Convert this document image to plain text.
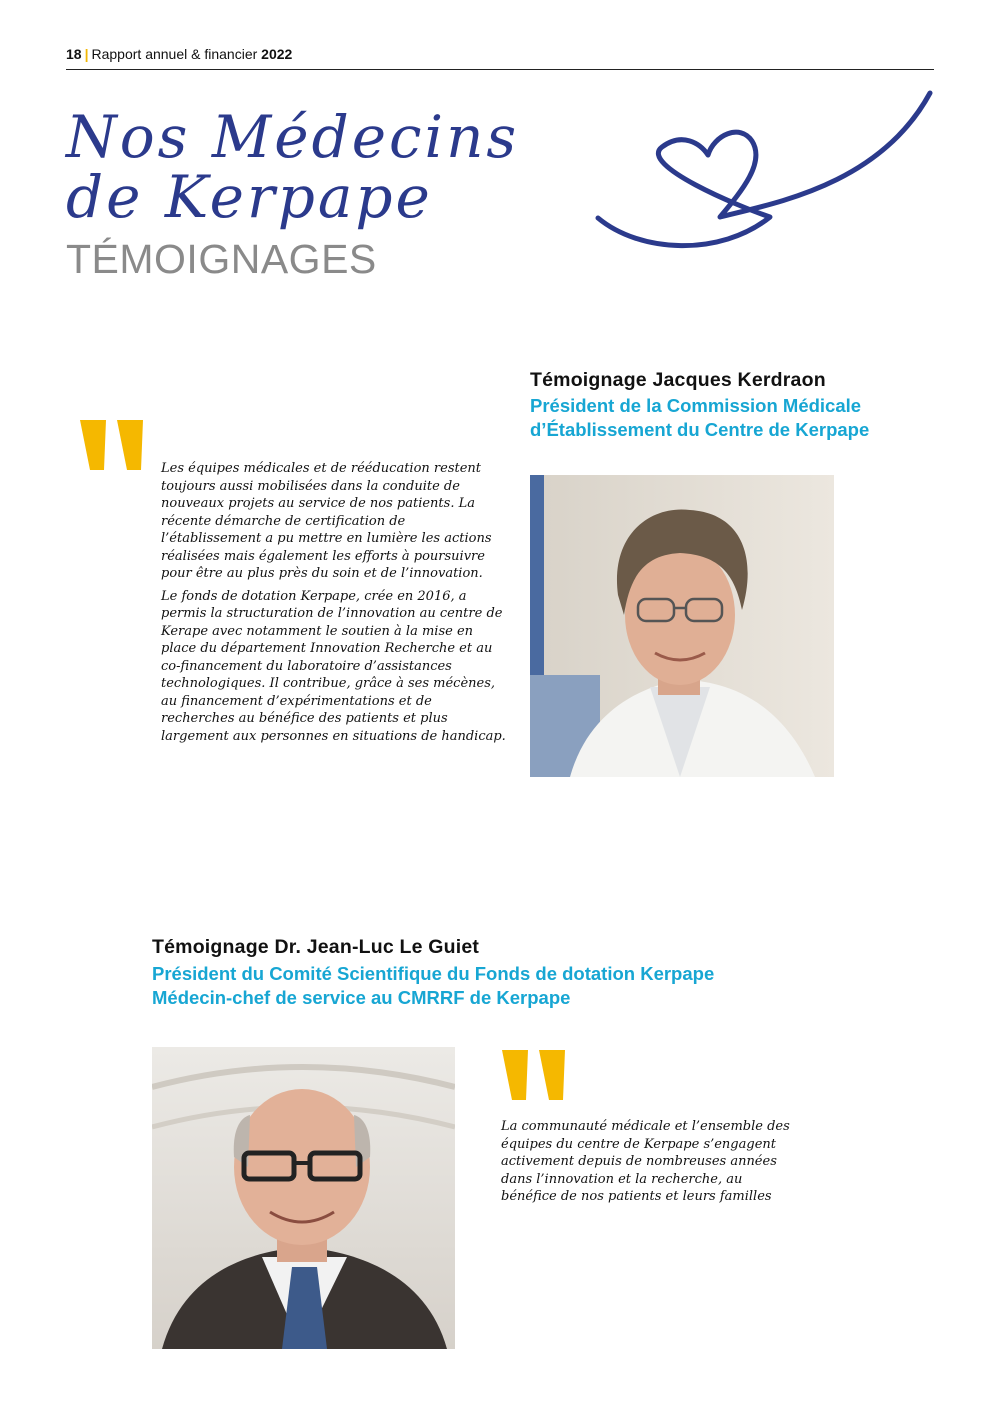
18 | Rapport annuel & financier 2022
Nos Médecins
de Kerpape
TÉMOIGNAGES
Témoignage Jacques Kerdraon
Président de la Commission Médicale
d’Établissement du Centre de Kerpape

Les équipes médicales et de rééducation restent toujours aussi mobilisées dans la conduite de nouveaux projets au service de nos patients. La récente démarche de certification de l’établissement a pu mettre en lumière les actions réalisées mais également les efforts à poursuivre pour être au plus près du soin et de l’innovation.

Le fonds de dotation Kerpape, crée en 2016, a permis la structuration de l’innovation au centre de Kerape avec notamment le soutien à la mise en place du département Innovation Recherche et au co-financement du laboratoire d’assistances technologiques. Il contribue, grâce à ses mécènes, au financement d’expérimentations et de recherches au bénéfice des patients et plus largement aux personnes en situations de handicap.

Témoignage Dr. Jean-Luc Le Guiet
Président du Comité Scientifique du Fonds de dotation Kerpape
Médecin-chef de service au CMRRF de Kerpape

La communauté médicale et l’ensemble des équipes du centre de Kerpape s’engagent activement depuis de nombreuses années dans l’innovation et la recherche, au bénéfice de nos patients et leurs familles
